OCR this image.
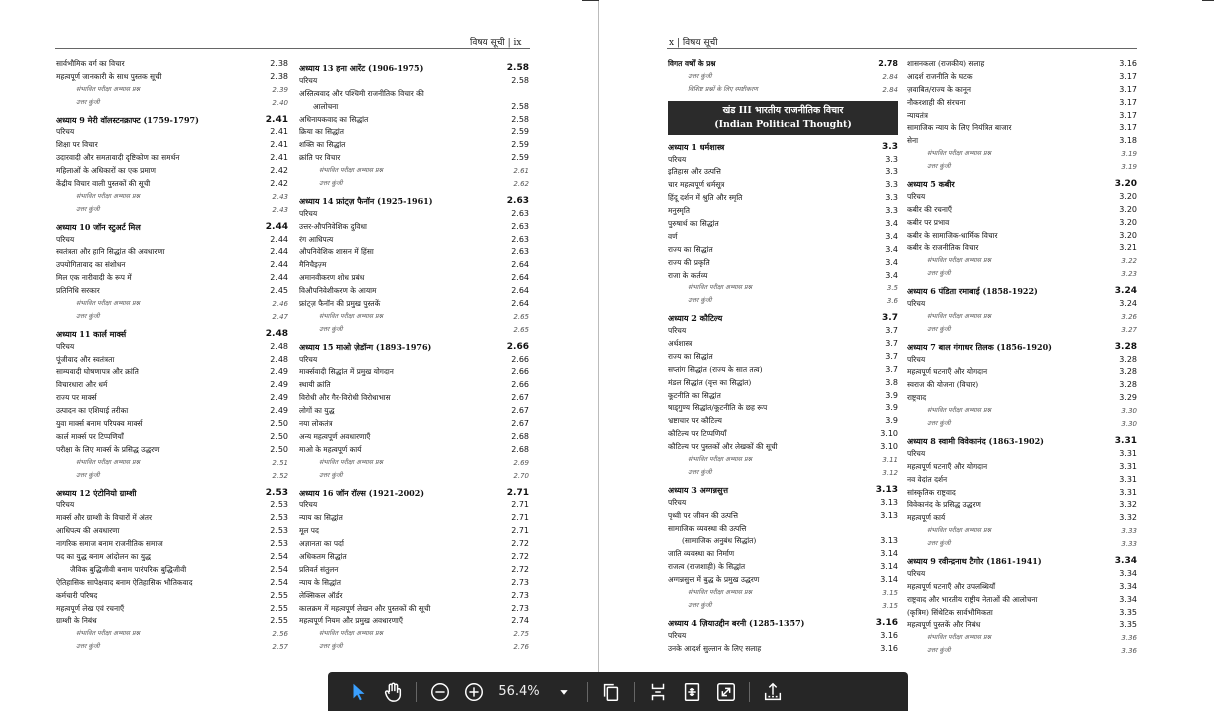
विषय सूची | ix
सार्वभौमिक वर्ग का विचार	2.38
महत्वपूर्ण जानकारी के साथ पुस्तक सूची	2.38
संभावित परीक्षा अभ्यास प्रश्न	2.39
उत्तर कुंजी	2.40
अध्याय 9 मेरी वॉलस्टनक्राफ्ट (1759-1797)	2.41
परिचय	2.41
शिक्षा पर विचार	2.41
उदारवादी और समतावादी दृष्टिकोण का समर्थन	2.41
महिलाओं के अधिकारों का एक प्रमाण	2.42
केंद्रीय विचार वाली पुस्तकों की सूची	2.42
संभावित परीक्षा अभ्यास प्रश्न	2.43
उत्तर कुंजी	2.43
अध्याय 10 जॉन स्टुअर्ट मिल	2.44
परिचय	2.44
स्वतंत्रता और हानि सिद्धांत की अवधारणा	2.44
उपयोगितावाद का संशोधन	2.44
मिल एक नारीवादी के रूप में	2.44
प्रतिनिधि सरकार	2.45
संभावित परीक्षा अभ्यास प्रश्न	2.46
उत्तर कुंजी	2.47
अध्याय 11 कार्ल मार्क्स	2.48
परिचय	2.48
पूंजीवाद और स्वतंत्रता	2.48
साम्यवादी घोषणापत्र और क्रांति	2.49
विचारधारा और धर्म	2.49
राज्य पर मार्क्स	2.49
उत्पादन का एशियाई तरीका	2.49
युवा मार्क्स बनाम परिपक्व मार्क्स	2.50
कार्ल मार्क्स पर टिप्पणियाँ	2.50
परीक्षा के लिए मार्क्स के प्रसिद्ध उद्धरण	2.50
संभावित परीक्षा अभ्यास प्रश्न	2.51
उत्तर कुंजी	2.52
अध्याय 12 एंटोनियो ग्राम्शी	2.53
परिचय	2.53
मार्क्स और ग्राम्शी के विचारों में अंतर	2.53
आधिपत्य की अवधारणा	2.53
नागरिक समाज बनाम राजनीतिक समाज	2.53
पद का युद्ध बनाम आंदोलन का युद्ध	2.54
जैविक बुद्धिजीवी बनाम पारंपरिक बुद्धिजीवी	2.54
ऐतिहासिक सापेक्षवाद बनाम ऐतिहासिक भौतिकवाद	2.54
कर्मचारी परिषद	2.55
महत्वपूर्ण लेख एवं रचनाएँ	2.55
ग्राम्शी के निबंध	2.55
संभावित परीक्षा अभ्यास प्रश्न	2.56
उत्तर कुंजी	2.57
अध्याय 13 हना आरेंट (1906-1975)	2.58
परिचय	2.58
अस्तित्ववाद और पश्चिमी राजनीतिक विचार की
आलोचना	2.58
अधिनायकवाद का सिद्धांत	2.58
क्रिया का सिद्धांत	2.59
शक्ति का सिद्धांत	2.59
क्रांति पर विचार	2.59
संभावित परीक्षा अभ्यास प्रश्न	2.61
उत्तर कुंजी	2.62
अध्याय 14 फ्रांट्ज़ फैनॉन (1925-1961)	2.63
परिचय	2.63
उत्तर-औपनिवेशिक दुविधा	2.63
रंग आधिपत्य	2.63
औपनिवेशिक शासन में हिंसा	2.63
मैनिचैइज़्म	2.64
अमानवीकरण शोध प्रबंध	2.64
विऔपनिवेशीकरण के आयाम	2.64
फ्रांट्ज़ फैनॉन की प्रमुख पुस्तकें	2.64
संभावित परीक्षा अभ्यास प्रश्न	2.65
उत्तर कुंजी	2.65
अध्याय 15 माओ ज़ेडॉन्ग (1893-1976)	2.66
परिचय	2.66
मार्क्सवादी सिद्धांत में प्रमुख योगदान	2.66
स्थायी क्रांति	2.66
विरोधी और गैर-विरोधी विरोधाभास	2.67
लोगों का युद्ध	2.67
नया लोकतंत्र	2.67
अन्य महत्वपूर्ण अवधारणाएँ	2.68
माओ के महत्वपूर्ण कार्य	2.68
संभावित परीक्षा अभ्यास प्रश्न	2.69
उत्तर कुंजी	2.70
अध्याय 16 जॉन रॉल्स (1921-2002)	2.71
परिचय	2.71
न्याय का सिद्धांत	2.71
मूल पद	2.71
अज्ञानता का पर्दा	2.72
अधिकतम सिद्धांत	2.72
प्रतिवर्त संतुलन	2.72
न्याय के सिद्धांत	2.73
लेक्सिकल ऑर्डर	2.73
कालक्रम में महत्वपूर्ण लेखन और पुस्तकों की सूची	2.73
महत्वपूर्ण नियम और प्रमुख अवधारणाएँ	2.74
संभावित परीक्षा अभ्यास प्रश्न	2.75
उत्तर कुंजी	2.76
x | विषय सूची
विगत वर्षों के प्रश्न	2.78
उत्तर कुंजी	2.84
विशिष्ट प्रश्नों के लिए स्पष्टीकरण	2.84
खंड III भारतीय राजनीतिक विचार
(Indian Political Thought)
अध्याय 1 धर्मशास्त्र	3.3
परिचय	3.3
इतिहास और उत्पत्ति	3.3
चार महत्वपूर्ण धर्मसूत्र	3.3
हिंदू दर्शन में श्रुति और स्मृति	3.3
मनुस्मृति	3.3
पुरुषार्थ का सिद्धांत	3.4
वर्ण	3.4
राज्य का सिद्धांत	3.4
राज्य की प्रकृति	3.4
राजा के कर्तव्य	3.4
संभावित परीक्षा अभ्यास प्रश्न	3.5
उत्तर कुंजी	3.6
अध्याय 2 कौटिल्य	3.7
परिचय	3.7
अर्थशास्त्र	3.7
राज्य का सिद्धांत	3.7
सप्तांग सिद्धांत (राज्य के सात तत्व)	3.7
मंडल सिद्धांत (वृत्त का सिद्धांत)	3.8
कूटनीति का सिद्धांत	3.9
षाड्गुण्य सिद्धांत/कूटनीति के छह रूप	3.9
भ्रष्टाचार पर कौटिल्य	3.9
कौटिल्य पर टिप्पणियाँ	3.10
कौटिल्य पर पुस्तकों और लेखकों की सूची	3.10
संभावित परीक्षा अभ्यास प्रश्न	3.11
उत्तर कुंजी	3.12
अध्याय 3 अग्गन्नसुत्त	3.13
परिचय	3.13
पृथ्वी पर जीवन की उत्पत्ति	3.13
सामाजिक व्यवस्था की उत्पत्ति
(सामाजिक अनुबंध सिद्धांत)	3.13
जाति व्यवस्था का निर्माण	3.14
राजत्व (राजशाही) के सिद्धांत	3.14
अग्गन्नसुत्त में बुद्ध के प्रमुख उद्धरण	3.14
संभावित परीक्षा अभ्यास प्रश्न	3.15
उत्तर कुंजी	3.15
अध्याय 4 ज़ियाउद्दीन बरनी (1285-1357)	3.16
परिचय	3.16
उनके आदर्श सुल्तान के लिए सलाह	3.16
शासनकला (राजकीय) सलाह	3.16
आदर्श राजनीति के घटक	3.17
ज़वाबित/राज्य के कानून	3.17
नौकरशाही की संरचना	3.17
न्यायतंत्र	3.17
सामाजिक न्याय के लिए नियंत्रित बाजार	3.17
सेना	3.18
संभावित परीक्षा अभ्यास प्रश्न	3.19
उत्तर कुंजी	3.19
अध्याय 5 कबीर	3.20
परिचय	3.20
कबीर की रचनाएँ	3.20
कबीर पर प्रभाव	3.20
कबीर के सामाजिक-धार्मिक विचार	3.20
कबीर के राजनीतिक विचार	3.21
संभावित परीक्षा अभ्यास प्रश्न	3.22
उत्तर कुंजी	3.23
अध्याय 6 पंडिता रमाबाई (1858-1922)	3.24
परिचय	3.24
संभावित परीक्षा अभ्यास प्रश्न	3.26
उत्तर कुंजी	3.27
अध्याय 7 बाल गंगाधर तिलक (1856-1920)	3.28
परिचय	3.28
महत्वपूर्ण घटनाएँ और योगदान	3.28
स्वराज की योजना (विचार)	3.28
राष्ट्रवाद	3.29
संभावित परीक्षा अभ्यास प्रश्न	3.30
उत्तर कुंजी	3.30
अध्याय 8 स्वामी विवेकानंद (1863-1902)	3.31
परिचय	3.31
महत्वपूर्ण घटनाएँ और योगदान	3.31
नव वेदांत दर्शन	3.31
सांस्कृतिक राष्ट्रवाद	3.31
विवेकानंद के प्रसिद्ध उद्धरण	3.32
महत्वपूर्ण कार्य	3.32
संभावित परीक्षा अभ्यास प्रश्न	3.33
उत्तर कुंजी	3.33
अध्याय 9 रवीन्द्रनाथ टैगोर (1861-1941)	3.34
परिचय	3.34
महत्वपूर्ण घटनाएँ और उपलब्धियाँ	3.34
राष्ट्रवाद और भारतीय राष्ट्रीय नेताओं की आलोचना	3.34
(कृत्रिम) सिंथेटिक सार्वभौमिकता	3.35
महत्वपूर्ण पुस्तकें और निबंध	3.35
संभावित परीक्षा अभ्यास प्रश्न	3.36
उत्तर कुंजी	3.36
56.4%
